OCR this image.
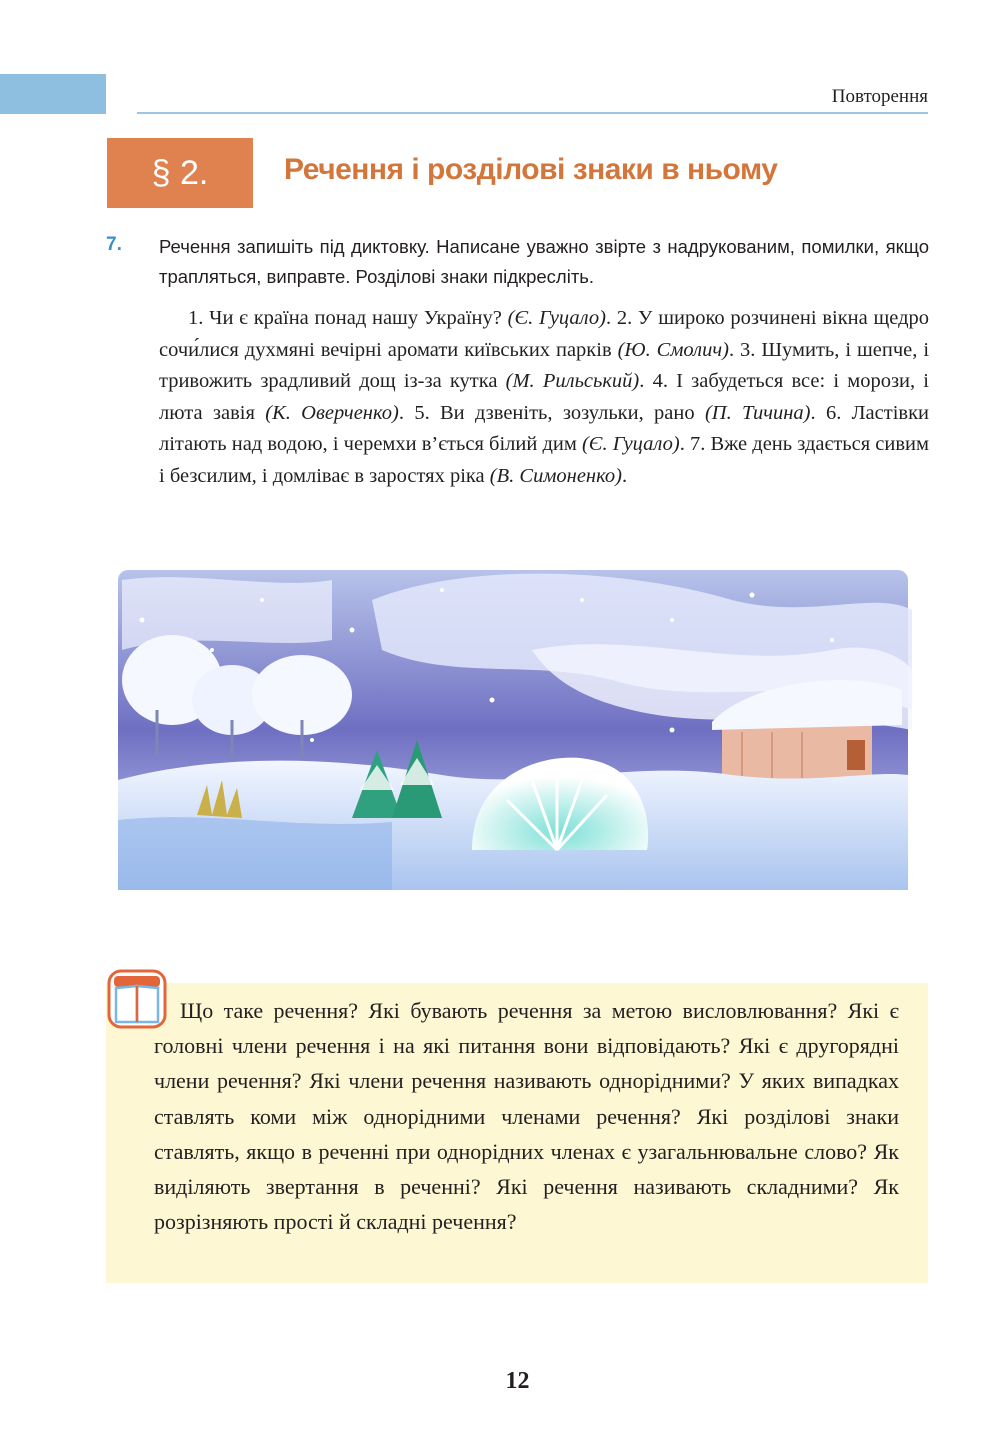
Повторення
§ 2.	Речення і розділові знаки в ньому
7. Речення запишіть під диктовку. Написане уважно звірте з надрукованим, помилки, якщо трапляться, виправте. Розділові знаки підкресліть.
1. Чи є країна понад нашу Україну? (Є. Гуцало). 2. У широко розчинені вікна щедро сочи́лися духмяні вечірні аромати київських парків (Ю. Смолич). 3. Шумить, і шепче, і тривожить зрадливий дощ із-за кутка (М. Рильський). 4. І забудеться все: і морози, і люта завія (К. Оверченко). 5. Ви дзвеніть, зозульки, рано (П. Тичина). 6. Ластівки літають над водою, і черемхи в’ється білий дим (Є. Гуцало). 7. Вже день здається сивим і безсилим, і домліває в заростях ріка (В. Симоненко).
Що таке речення? Які бувають речення за метою висловлювання? Які є головні члени речення і на які питання вони відповідають? Які є другорядні члени речення? Які члени речення називають однорідними? У яких випадках ставлять коми між однорідними членами речення? Які розділові знаки ставлять, якщо в реченні при однорідних членах є узагальнювальне слово? Як виділяють звертання в реченні? Які речення називають складними? Як розрізняють прості й складні речення?
12
